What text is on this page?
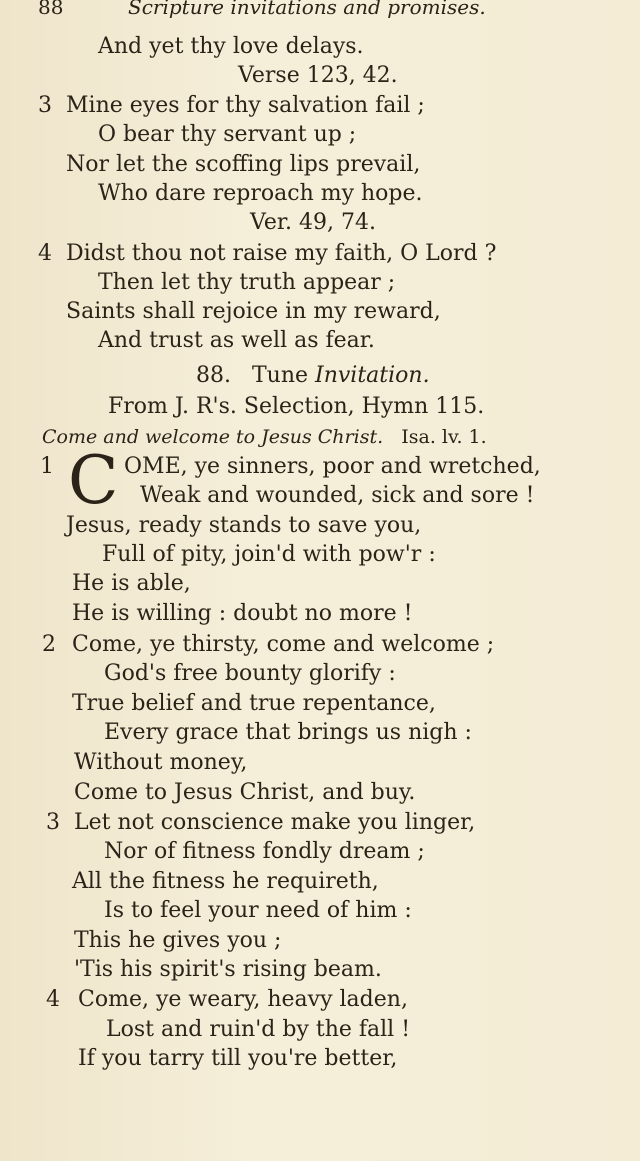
88	Scripture invitations and promises.
And yet thy love delays.
Verse 123, 42.
3 Mine eyes for thy salvation fail ;
O bear thy servant up ;
Nor let the scoffing lips prevail,
Who dare reproach my hope.
Ver. 49, 74.
4 Didst thou not raise my faith, O Lord ?
Then let thy truth appear ;
Saints shall rejoice in my reward,
And trust as well as fear.
88. Tune Invitation.
From J. R's. Selection, Hymn 115.
Come and welcome to Jesus Christ. Isa. lv. 1.
1 C OME, ye sinners, poor and wretched,
Weak and wounded, sick and sore !
Jesus, ready stands to save you,
Full of pity, join'd with pow'r :
He is able,
He is willing : doubt no more !
2 Come, ye thirsty, come and welcome ;
God's free bounty glorify :
True belief and true repentance,
Every grace that brings us nigh :
Without money,
Come to Jesus Christ, and buy.
3 Let not conscience make you linger,
Nor of fitness fondly dream ;
All the fitness he requireth,
Is to feel your need of him :
This he gives you ;
'Tis his spirit's rising beam.
4 Come, ye weary, heavy laden,
Lost and ruin'd by the fall !
If you tarry till you're better,
